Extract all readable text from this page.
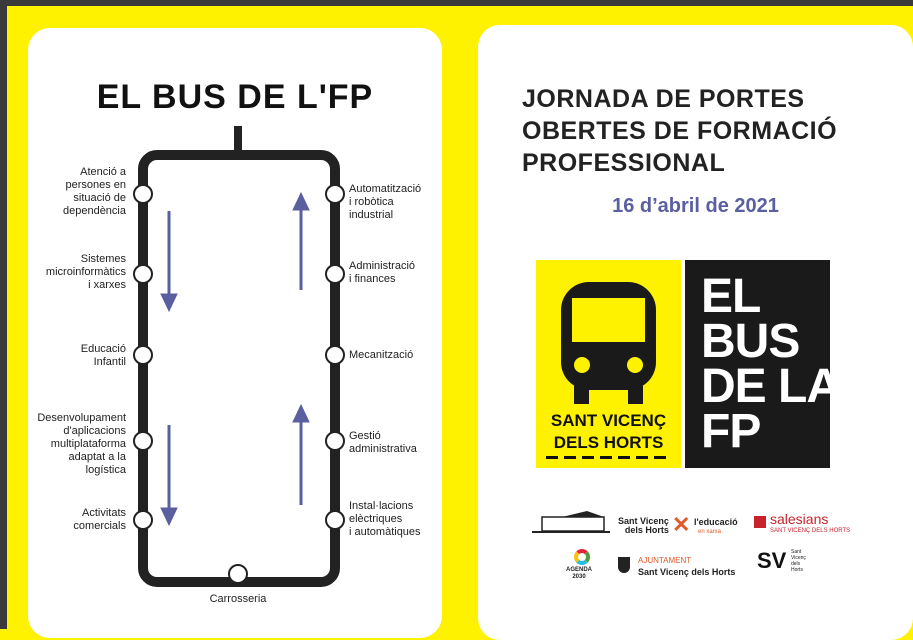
EL BUS DE L'FP
Atenció a
persones en
situació de
dependència
Sistemes
microinformàtics
i xarxes
Educació
Infantil
Desenvolupament
d'aplicacions
multiplataforma
adaptat a la
logística
Activitats
comercials
Automatització
i robòtica
industrial
Administració
i finances
Mecanització
Gestió
administrativa
Instal·lacions
elèctriques
i automàtiques
Carrosseria
JORNADA DE PORTES
OBERTES DE FORMACIÓ
PROFESSIONAL
16 d’abril de 2021
SANT VICENÇ
DELS HORTS
EL
BUS
DE LA
FP
Sant Vicenç
dels Horts ✕ l'educació
en xarxa
salesians
SANT VICENÇ DELS HORTS
AGENDA
2030
AJUNTAMENT
Sant Vicenç dels Horts SV Sant
Vicenç
dels
Horts
